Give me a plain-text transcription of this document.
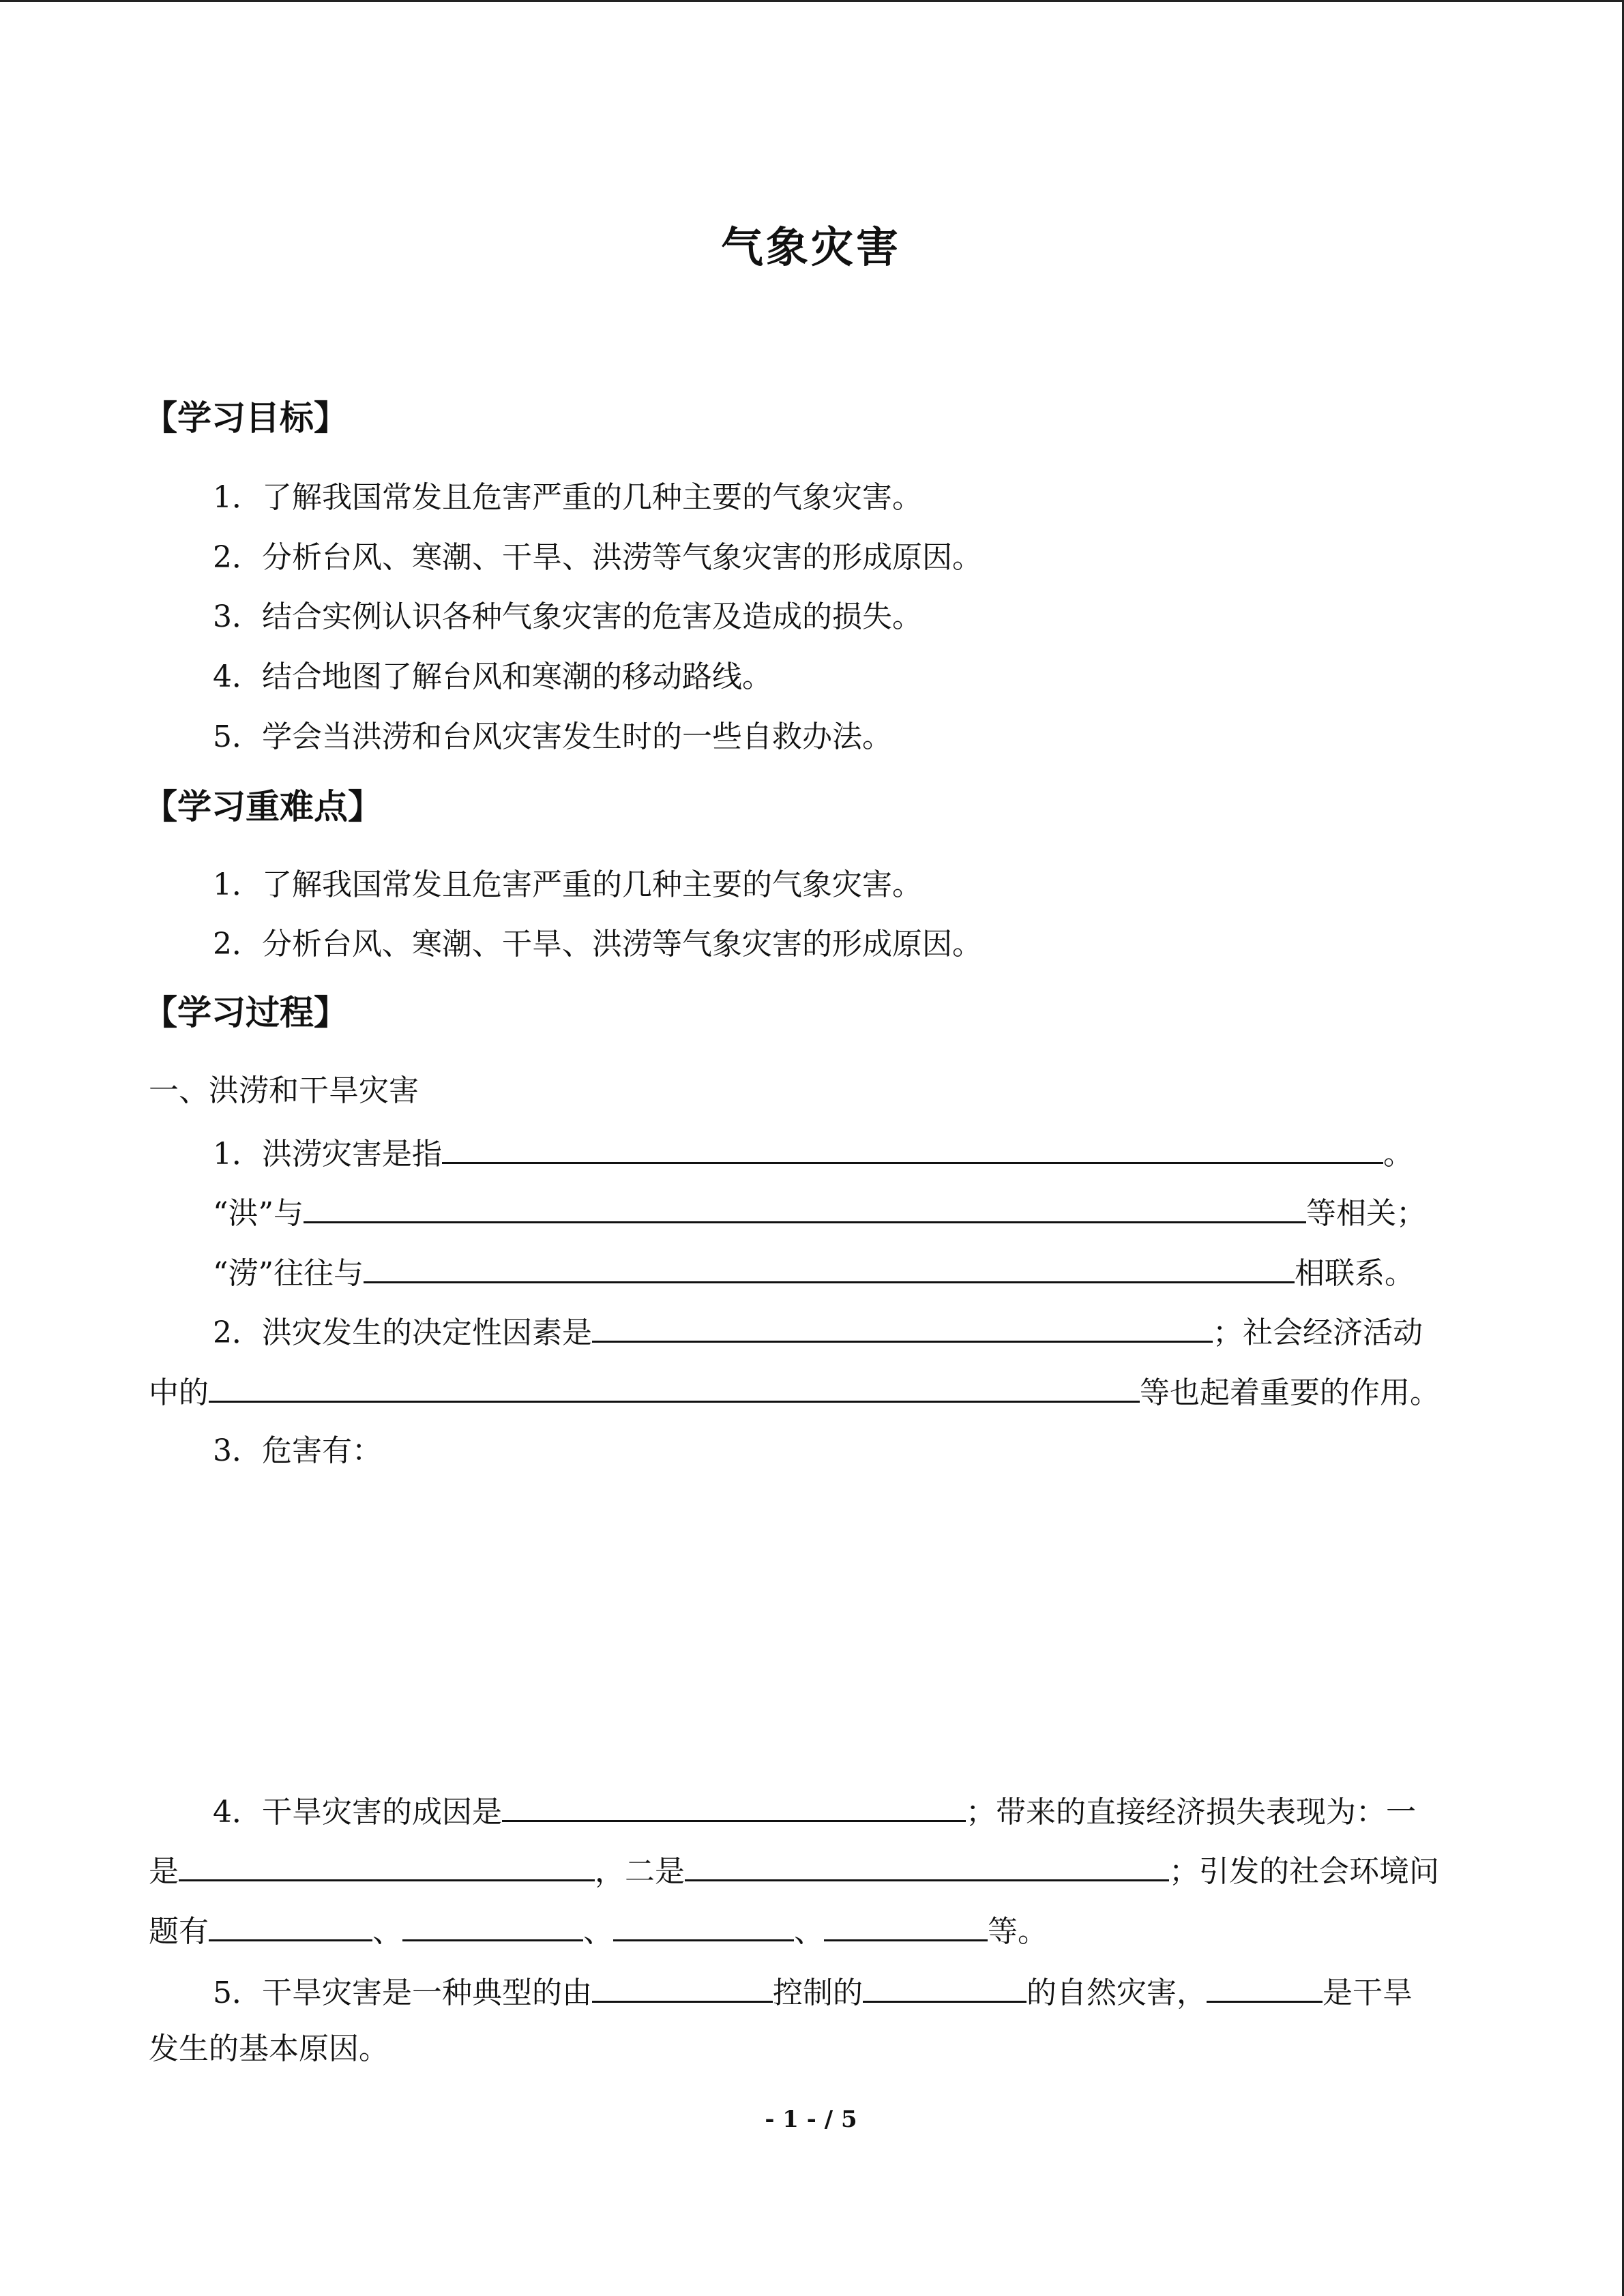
气象灾害
【学习目标】
1．了解我国常发且危害严重的几种主要的气象灾害。
2．分析台风、寒潮、干旱、洪涝等气象灾害的形成原因。
3．结合实例认识各种气象灾害的危害及造成的损失。
4．结合地图了解台风和寒潮的移动路线。
5．学会当洪涝和台风灾害发生时的一些自救办法。
【学习重难点】
1．了解我国常发且危害严重的几种主要的气象灾害。
2．分析台风、寒潮、干旱、洪涝等气象灾害的形成原因。
【学习过程】
一、洪涝和干旱灾害
1．洪涝灾害是指	。
“洪”与	等相关；
“涝”往往与	相联系。
2．洪灾发生的决定性因素是	；社会经济活动
中的	等也起着重要的作用。
3．危害有：
4．干旱灾害的成因是	；带来的直接经济损失表现为：一
是	，二是	；引发的社会环境问
题有	、	、	、	等。
5．干旱灾害是一种典型的由	控制的	的自然灾害，	是干旱
发生的基本原因。
- 1 - / 5
